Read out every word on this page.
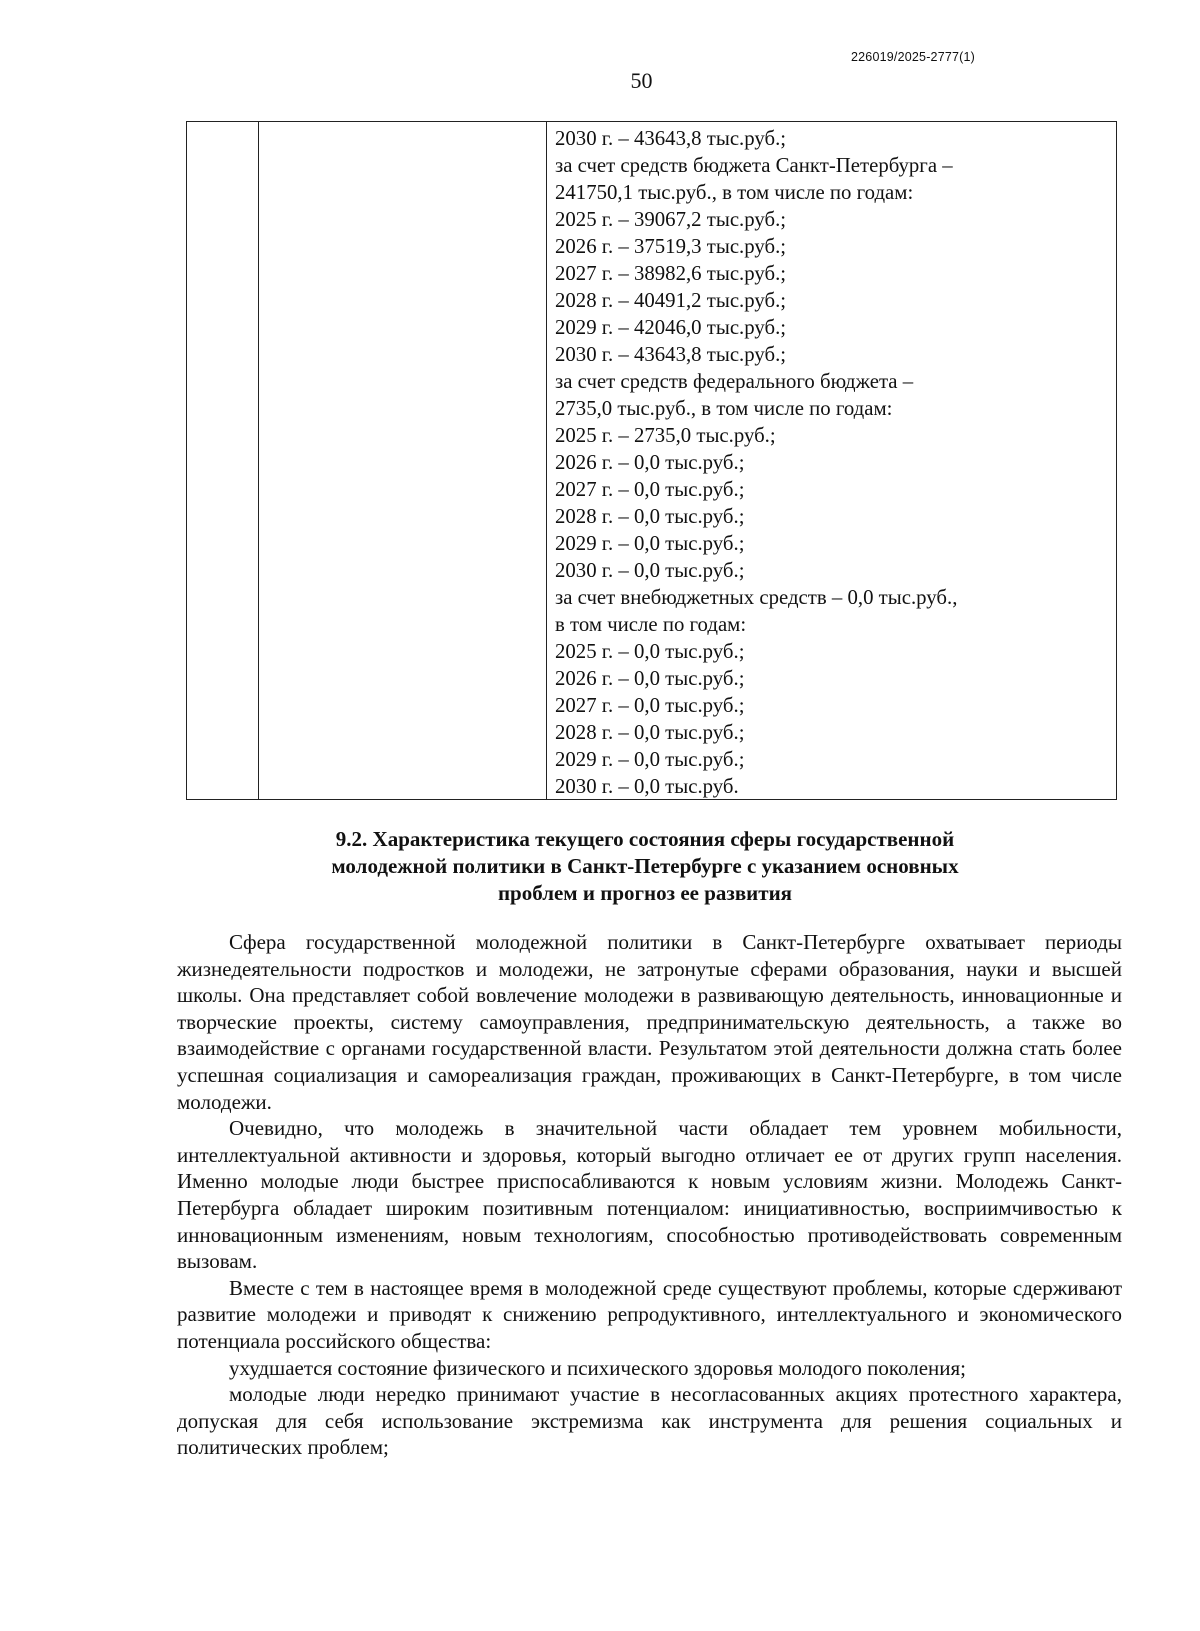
226019/2025-2777(1)
50
2030 г. – 43643,8 тыс.руб.;
за счет средств бюджета Санкт-Петербурга –
241750,1 тыс.руб., в том числе по годам:
2025 г. – 39067,2 тыс.руб.;
2026 г. – 37519,3 тыс.руб.;
2027 г. – 38982,6 тыс.руб.;
2028 г. – 40491,2 тыс.руб.;
2029 г. – 42046,0 тыс.руб.;
2030 г. – 43643,8 тыс.руб.;
за счет средств федерального бюджета –
2735,0 тыс.руб., в том числе по годам:
2025 г. – 2735,0 тыс.руб.;
2026 г. – 0,0 тыс.руб.;
2027 г. – 0,0 тыс.руб.;
2028 г. – 0,0 тыс.руб.;
2029 г. – 0,0 тыс.руб.;
2030 г. – 0,0 тыс.руб.;
за счет внебюджетных средств – 0,0 тыс.руб.,
в том числе по годам:
2025 г. – 0,0 тыс.руб.;
2026 г. – 0,0 тыс.руб.;
2027 г. – 0,0 тыс.руб.;
2028 г. – 0,0 тыс.руб.;
2029 г. – 0,0 тыс.руб.;
2030 г. – 0,0 тыс.руб.
9.2. Характеристика текущего состояния сферы государственной
молодежной политики в Санкт-Петербурге с указанием основных
проблем и прогноз ее развития

Сфера государственной молодежной политики в Санкт-Петербурге охватывает периоды жизнедеятельности подростков и молодежи, не затронутые сферами образования, науки и высшей школы. Она представляет собой вовлечение молодежи в развивающую деятельность, инновационные и творческие проекты, систему самоуправления, предпринимательскую деятельность, а также во взаимодействие с органами государственной власти. Результатом этой деятельности должна стать более успешная социализация и самореализация граждан, проживающих в Санкт-Петербурге, в том числе молодежи.

Очевидно, что молодежь в значительной части обладает тем уровнем мобильности, интеллектуальной активности и здоровья, который выгодно отличает ее от других групп населения. Именно молодые люди быстрее приспосабливаются к новым условиям жизни. Молодежь Санкт-Петербурга обладает широким позитивным потенциалом: инициативностью, восприимчивостью к инновационным изменениям, новым технологиям, способностью противодействовать современным вызовам.

Вместе с тем в настоящее время в молодежной среде существуют проблемы, которые сдерживают развитие молодежи и приводят к снижению репродуктивного, интеллектуального и экономического потенциала российского общества:

ухудшается состояние физического и психического здоровья молодого поколения;

молодые люди нередко принимают участие в несогласованных акциях протестного характера, допуская для себя использование экстремизма как инструмента для решения социальных и политических проблем;
